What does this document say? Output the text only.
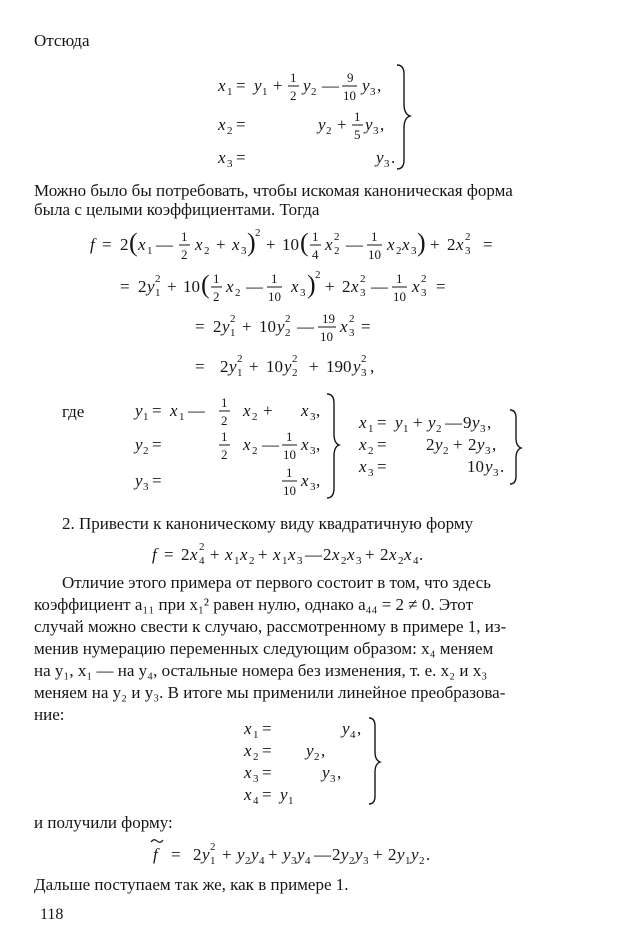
Отсюда
x 1 = y 1 + 1
2
y 2 — 9
10
y 3 ,
x 2 =	y 2 + 1
5
y 3 ,
x 3 =	y 3 .
Можно было бы потребовать, чтобы искомая каноническая форма
была с целыми коэффициентами. Тогда
f = 2 ( x 1 — 1
2
x 2 + x 3 ) 2
+ 10 ( 1
4
x 2
2 — 1
10
x 2 x 3 ) + 2 x 3
2 =
= 2 y 1
2 + 10 ( 1
2
x 2 — 1
10
x 3 ) 2
+ 2 x 3
2 — 1
10
x 3
2 =
= 2 y 1
2 + 10 y 2
2 — 19
10
x 3
2 =
= 2 y 1
2 + 10 y 2
2 + 190 y 3
2 ,
где	y 1 = x 1 — 1
2
x 2 + x 3 ,
y 2 =	1
2
x 2 — 1
10
x 3 ,
y 3 =	1
10
x 3 ,
x 1 = y 1 + y 2 — 9 y 3 ,
x 2 = 2 y 2 + 2 y 3 ,
x 3 =	10 y 3 .
2. Привести к каноническому виду квадратичную форму
f = 2 x 4
2 + x 1 x 2 + x 1 x 3 — 2 x 2 x 3 + 2 x 2 x 4 .
Отличие этого примера от первого состоит в том, что здесь
коэффициент a₁₁ при x₁² равен нулю, однако a₄₄ = 2 ≠ 0. Этот
случай можно свести к случаю, рассмотренному в примере 1, из-
менив нумерацию переменных следующим образом: x₄ меняем
на y₁, x₁ — на y₄, остальные номера без изменения, т. е. x₂ и x₃
меняем на y₂ и y₃. В итоге мы применили линейное преобразова-
ние:
x 1 =	y 4 ,
x 2 = y 2 ,
x 3 =	y 3 ,
x 4 = y 1
и получили форму:
f = 2 y 1
2 + y 2 y 4 + y 3 y 4 — 2 y 2 y 3 + 2 y 1 y 2 .
Дальше поступаем так же, как в примере 1.
118
